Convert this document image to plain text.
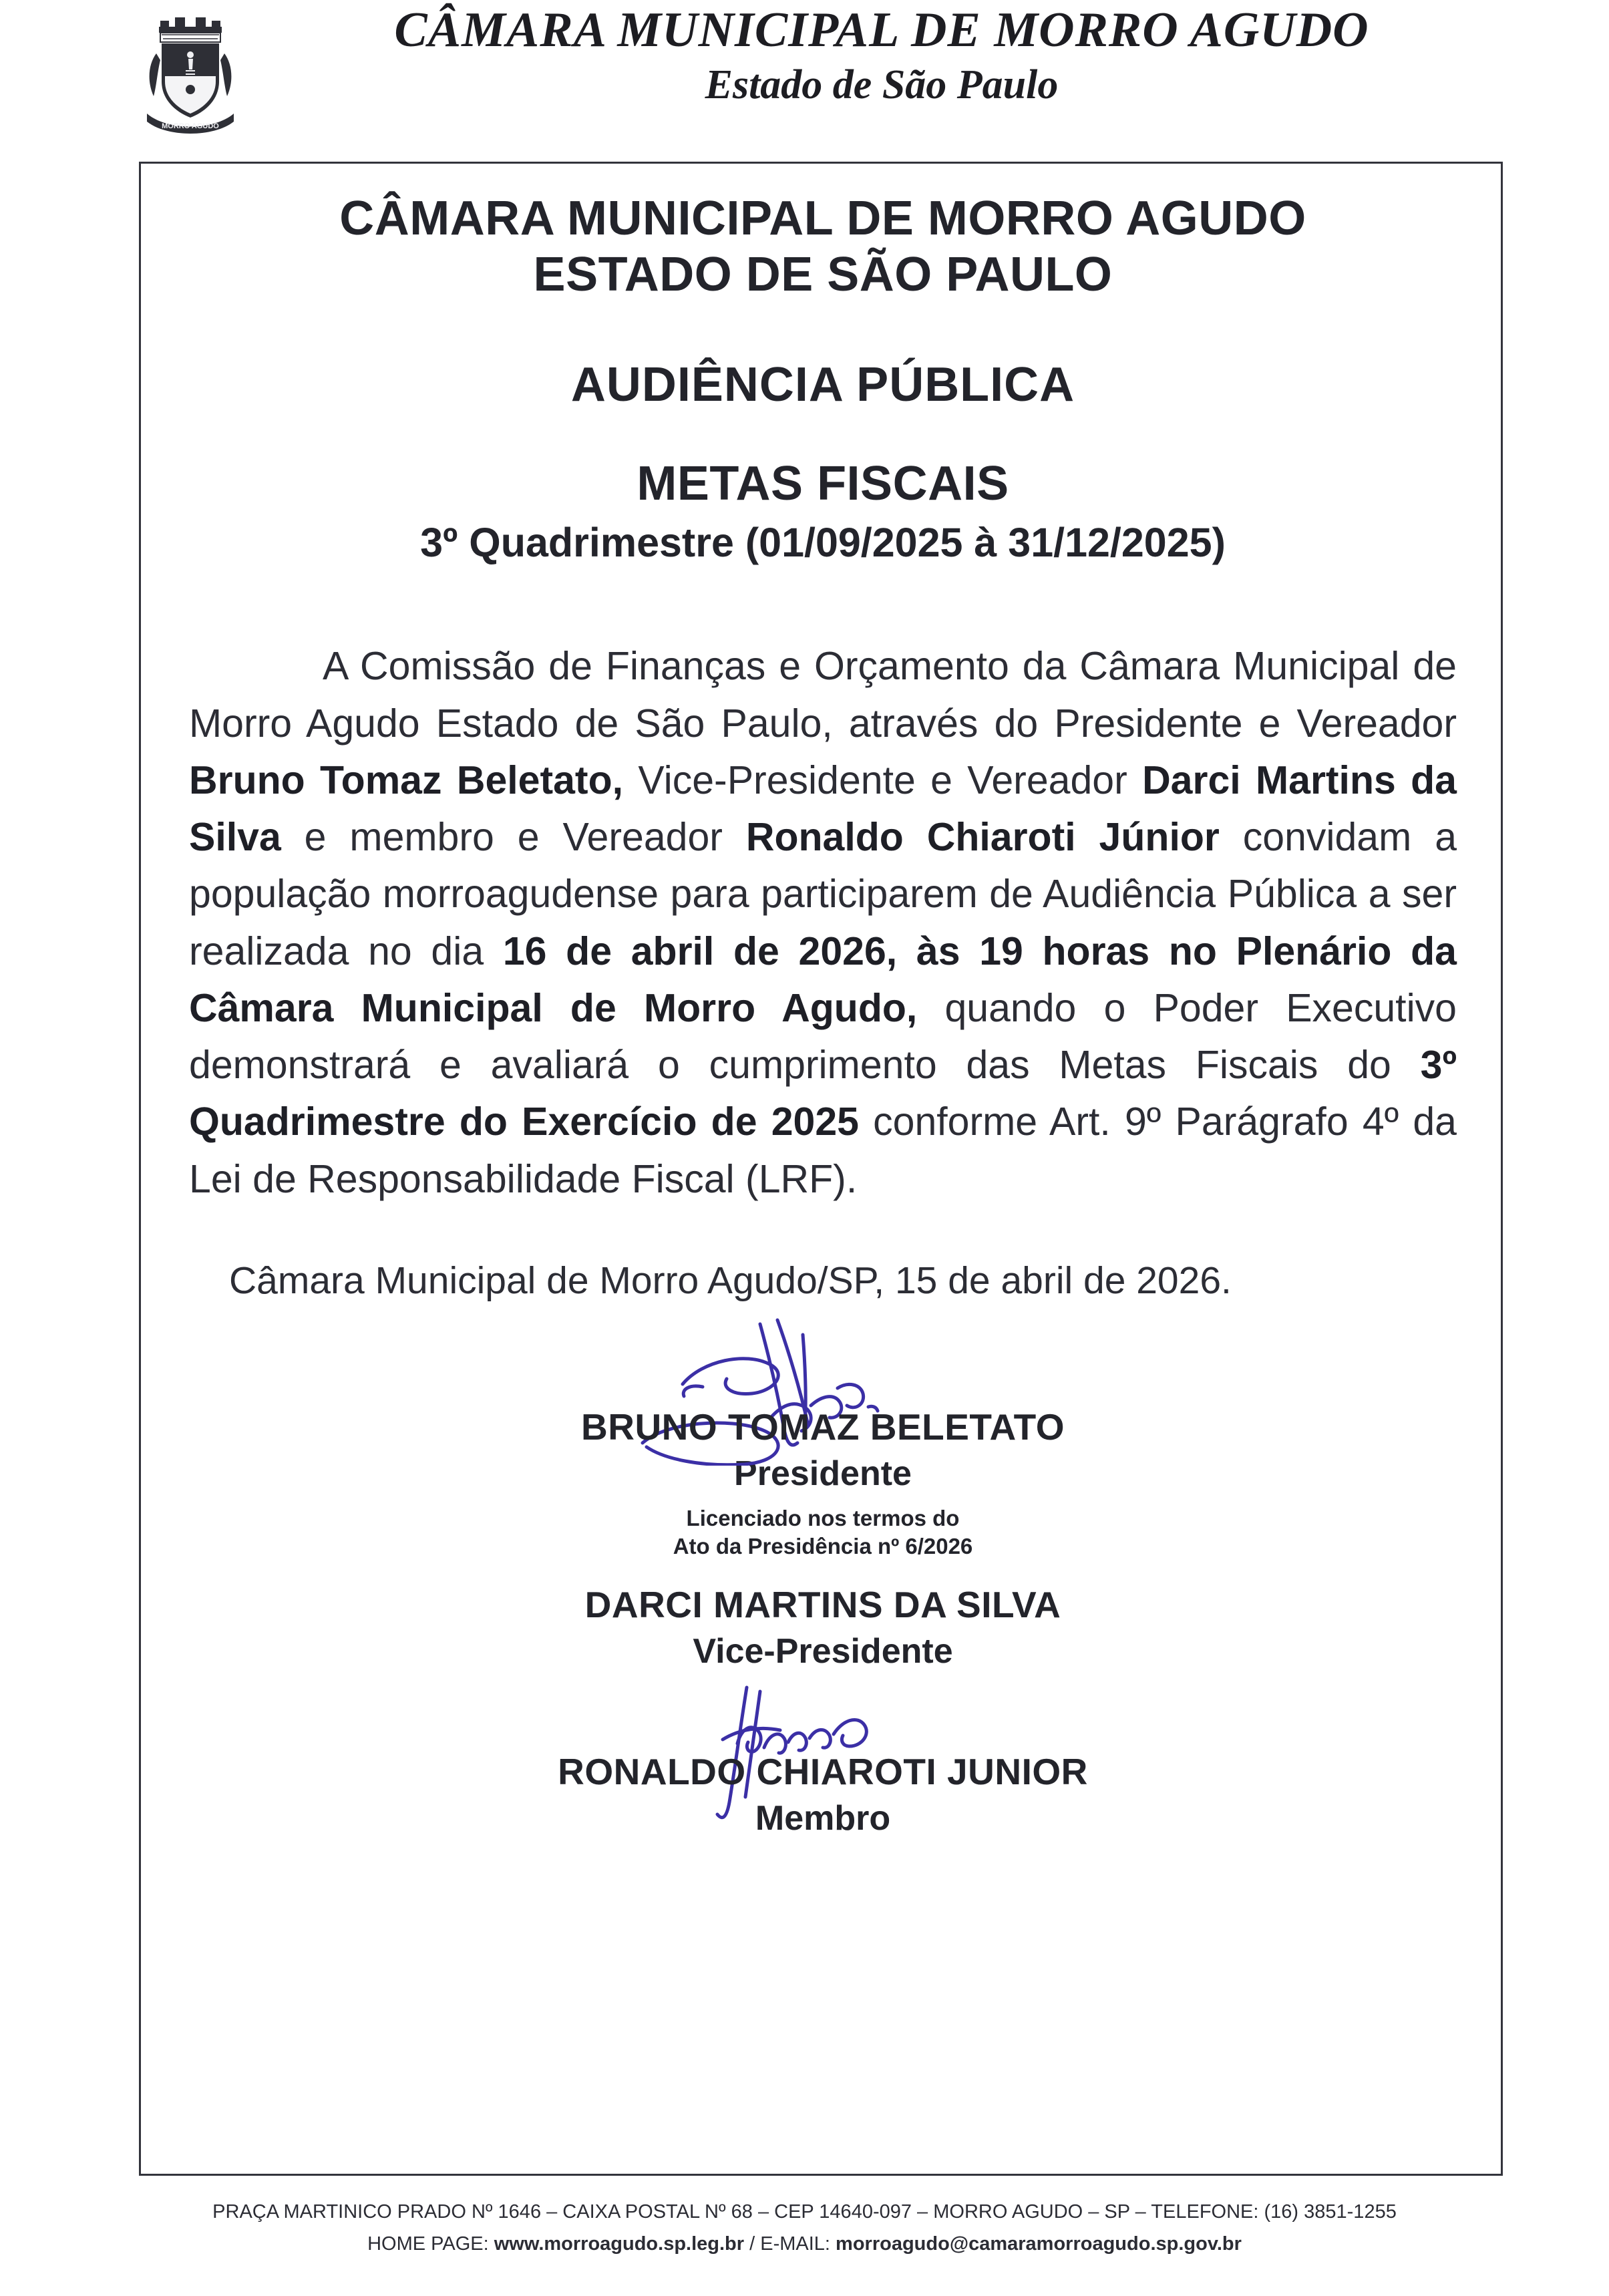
MORRO AGUDO
CÂMARA MUNICIPAL DE MORRO AGUDO
Estado de São Paulo
CÂMARA MUNICIPAL DE MORRO AGUDO
ESTADO DE SÃO PAULO
AUDIÊNCIA PÚBLICA
METAS FISCAIS
3º Quadrimestre (01/09/2025 à 31/12/2025)
A Comissão de Finanças e Orçamento da Câmara Municipal de Morro Agudo Estado de São Paulo, através do Presidente e Vereador Bruno Tomaz Beletato, Vice-Presidente e Vereador Darci Martins da Silva e membro e Vereador Ronaldo Chiaroti Júnior convidam a população morroagudense para participarem de Audiência Pública a ser realizada no dia 16 de abril de 2026, às 19 horas no Plenário da Câmara Municipal de Morro Agudo, quando o Poder Executivo demonstrará e avaliará o cumprimento das Metas Fiscais do 3º Quadrimestre do Exercício de 2025 conforme Art. 9º Parágrafo 4º da Lei de Responsabilidade Fiscal (LRF).
Câmara Municipal de Morro Agudo/SP, 15 de abril de 2026.
BRUNO TOMAZ BELETATO
Presidente
Licenciado nos termos do
Ato da Presidência nº 6/2026
DARCI MARTINS DA SILVA
Vice-Presidente
RONALDO CHIAROTI JUNIOR
Membro
PRAÇA MARTINICO PRADO Nº 1646 – CAIXA POSTAL Nº 68 – CEP 14640-097 – MORRO AGUDO – SP – TELEFONE: (16) 3851-1255
HOME PAGE: www.morroagudo.sp.leg.br / E-MAIL: morroagudo@camaramorroagudo.sp.gov.br
